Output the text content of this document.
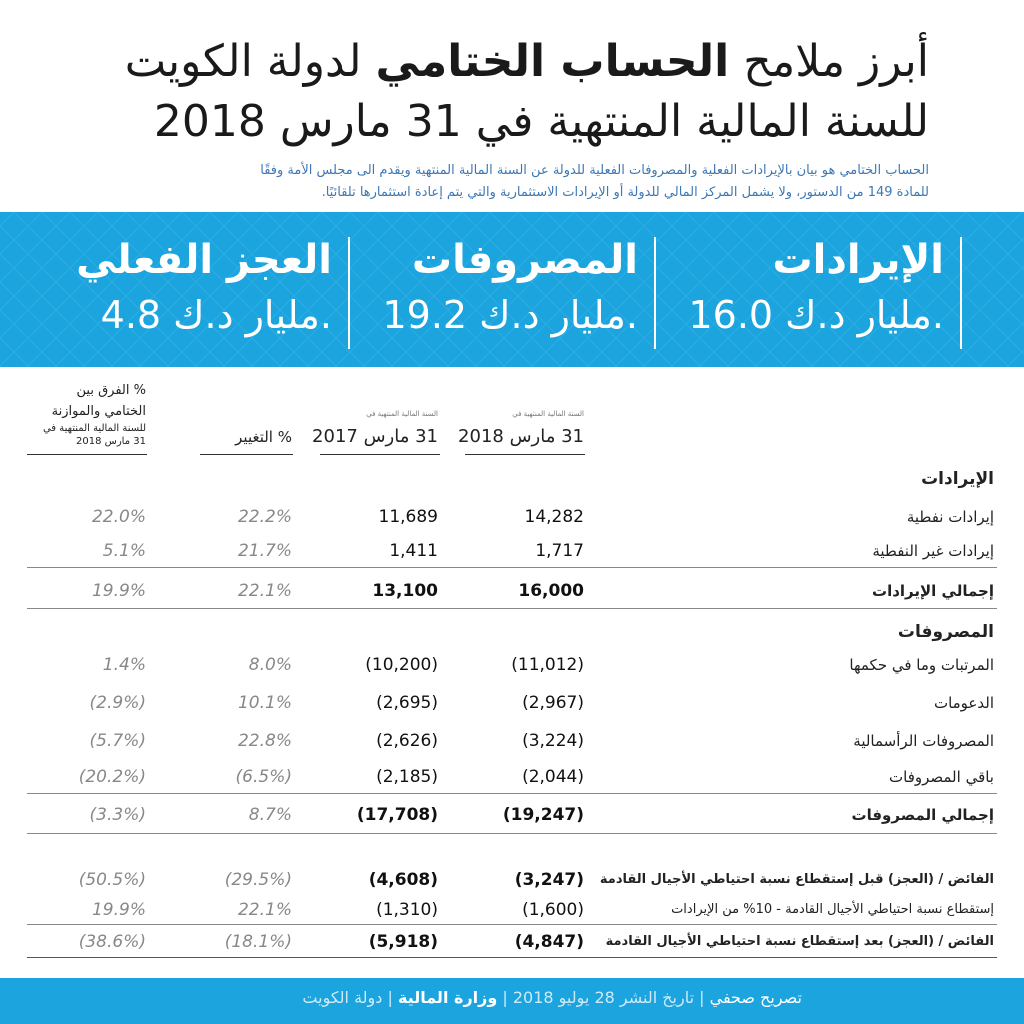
أبرز ملامح الحساب الختامي لدولة الكويت
للسنة المالية المنتهية في 31 مارس 2018
الحساب الختامي هو بيان بالإيرادات الفعلية والمصروفات الفعلية للدولة عن السنة المالية المنتهية ويقدم الى مجلس الأمة وفقًا
للمادة 149 من الدستور، ولا يشمل المركز المالي للدولة أو الإيرادات الاستثمارية والتي يتم إعادة استثمارها تلقائيًا.
الإيرادات
16.0 مليار د.ك.
المصروفات
19.2 مليار د.ك.
العجز الفعلي
4.8 مليار د.ك.
السنة المالية المنتهية في
31 مارس 2018
السنة المالية المنتهية في
31 مارس 2017
% التغيير
% الفرق بين
الختامي والموازنة
للسنة المالية المنتهية في
31 مارس 2018
الإيرادات
إيرادات نفطية
14,282
11,689
22.2%
22.0%
إيرادات غير النفطية
1,717
1,411
21.7%
5.1%
إجمالي الإيرادات
16,000
13,100
22.1%
19.9%
المصروفات
المرتبات وما في حكمها
(11,012)
(10,200)
8.0%
1.4%
الدعومات
(2,967)
(2,695)
10.1%
(2.9%)
المصروفات الرأسمالية
(3,224)
(2,626)
22.8%
(5.7%)
باقي المصروفات
(2,044)
(2,185)
(6.5%)
(20.2%)
إجمالي المصروفات
(19,247)
(17,708)
8.7%
(3.3%)
الفائض / (العجز) قبل إستقطاع نسبة احتياطي الأجيال القادمة
(3,247)
(4,608)
(29.5%)
(50.5%)
إستقطاع نسبة احتياطي الأجيال القادمة - 10% من الإيرادات
(1,600)
(1,310)
22.1%
19.9%
الفائض / (العجز) بعد إستقطاع نسبة احتياطي الأجيال القادمة
(4,847)
(5,918)
(18.1%)
(38.6%)
تصريح صحفي | تاريخ النشر 28 يوليو 2018 | وزارة المالية | دولة الكويت
